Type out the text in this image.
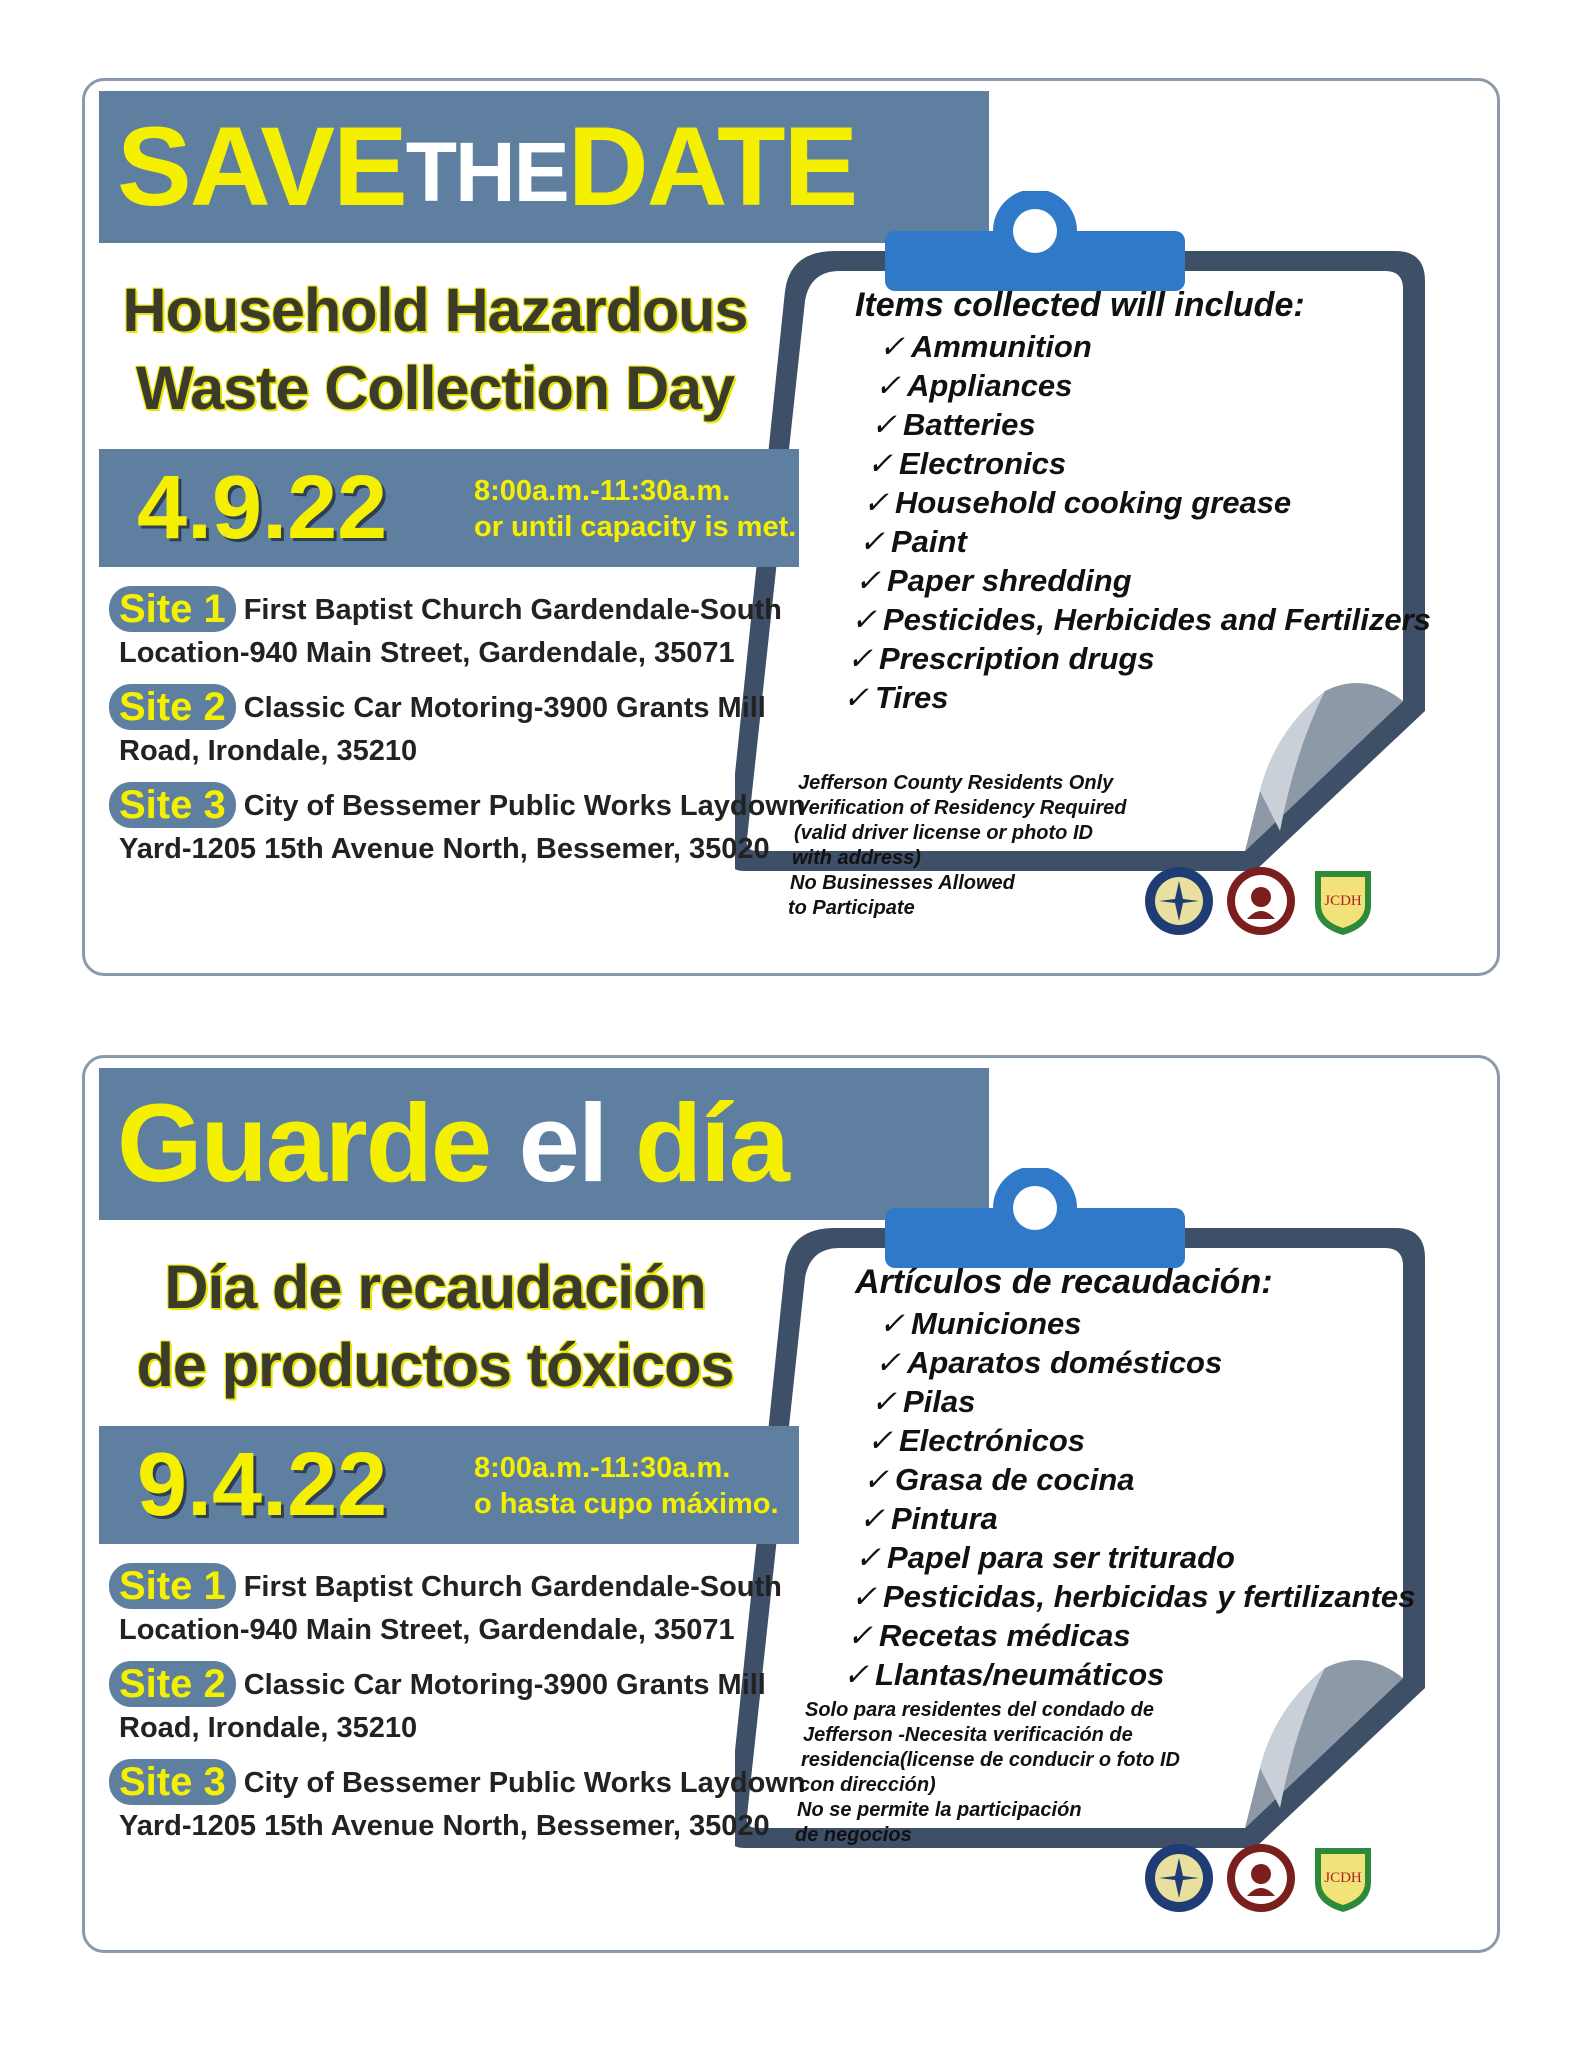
SAVETHEDATE
Household Hazardous
Waste Collection Day
4.9.22	8:00a.m.-11:30a.m.
or until capacity is met.
Site 1 First Baptist Church Gardendale-South
Location-940 Main Street, Gardendale, 35071
Site 2 Classic Car Motoring-3900 Grants Mill
Road, Irondale, 35210
Site 3 City of Bessemer Public Works Laydown
Yard-1205 15th Avenue North, Bessemer, 35020
Items collected will include:
✓ Ammunition
✓ Appliances
✓ Batteries
✓ Electronics
✓ Household cooking grease
✓ Paint
✓ Paper shredding
✓ Pesticides, Herbicides and Fertilizers
✓ Prescription drugs
✓ Tires
Jefferson County Residents Only
Verification of Residency Required
(valid driver license or photo ID
with address)
No Businesses Allowed
to Participate	JCDH
Guarde el día
Día de recaudación
de productos tóxicos
9.4.22	8:00a.m.-11:30a.m.
o hasta cupo máximo.
Site 1 First Baptist Church Gardendale-South
Location-940 Main Street, Gardendale, 35071
Site 2 Classic Car Motoring-3900 Grants Mill
Road, Irondale, 35210
Site 3 City of Bessemer Public Works Laydown
Yard-1205 15th Avenue North, Bessemer, 35020
Artículos de recaudación:
✓ Municiones
✓ Aparatos domésticos
✓ Pilas
✓ Electrónicos
✓ Grasa de cocina
✓ Pintura
✓ Papel para ser triturado
✓ Pesticidas, herbicidas y fertilizantes
✓ Recetas médicas
✓ Llantas/neumáticos
Solo para residentes del condado de
Jefferson -Necesita verificación de
residencia(license de conducir o foto ID
con dirección)
No se permite la participación
de negocios
JCDH
